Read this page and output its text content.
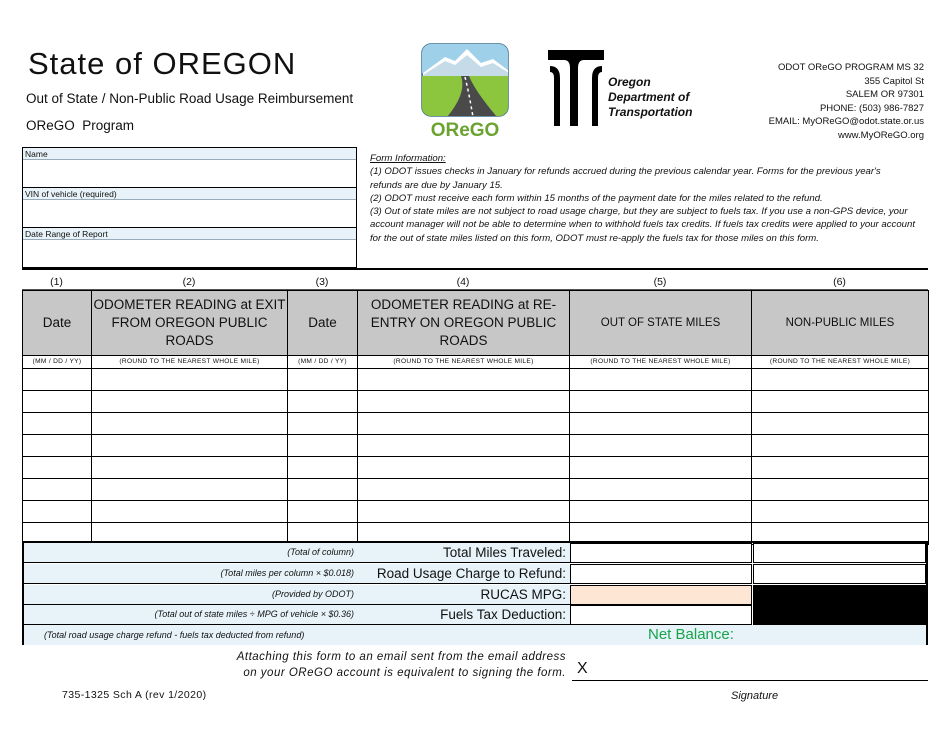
State of OREGON
Out of State / Non-Public Road Usage Reimbursement
OReGO Program	OReGO
Oregon
Department of
Transportation
ODOT OReGO PROGRAM MS 32
355 Capitol St
SALEM OR 97301
PHONE: (503) 986-7827
EMAIL: MyOReGO@odot.state.or.us
www.MyOReGO.org
Name
VIN of vehicle (required)
Date Range of Report
Form Information:
(1) ODOT issues checks in January for refunds accrued during the previous calendar year. Forms for the previous year's refunds are due by January 15.
(2) ODOT must receive each form within 15 months of the payment date for the miles related to the refund.
(3) Out of state miles are not subject to road usage charge, but they are subject to fuels tax. If you use a non-GPS device, your account manager will not be able to determine when to withhold fuels tax credits. If fuels tax credits were applied to your account for the out of state miles listed on this form, ODOT must re-apply the fuels tax for those miles on this form.
(1)	(2)	(3)	(4)	(5)	(6)
Date	ODOMETER READING at EXIT FROM OREGON PUBLIC ROADS	Date	ODOMETER READING at RE-ENTRY ON OREGON PUBLIC ROADS	OUT OF STATE MILES	NON-PUBLIC MILES
(MM / DD / YY)	(ROUND TO THE NEAREST WHOLE MILE)	(MM / DD / YY)	(ROUND TO THE NEAREST WHOLE MILE)	(ROUND TO THE NEAREST WHOLE MILE)	(ROUND TO THE NEAREST WHOLE MILE)

(Total of column)	Total Miles Traveled:
(Total miles per column × $0.018) Road Usage Charge to Refund:
(Provided by ODOT)	RUCAS MPG:
(Total out of state miles ÷ MPG of vehicle × $0.36)	Fuels Tax Deduction:
(Total road usage charge refund - fuels tax deducted from refund)	Net Balance:
Attaching this form to an email sent from the email address
on your OReGO account is equivalent to signing the form. X
735-1325 Sch A (rev 1/2020)	Signature
